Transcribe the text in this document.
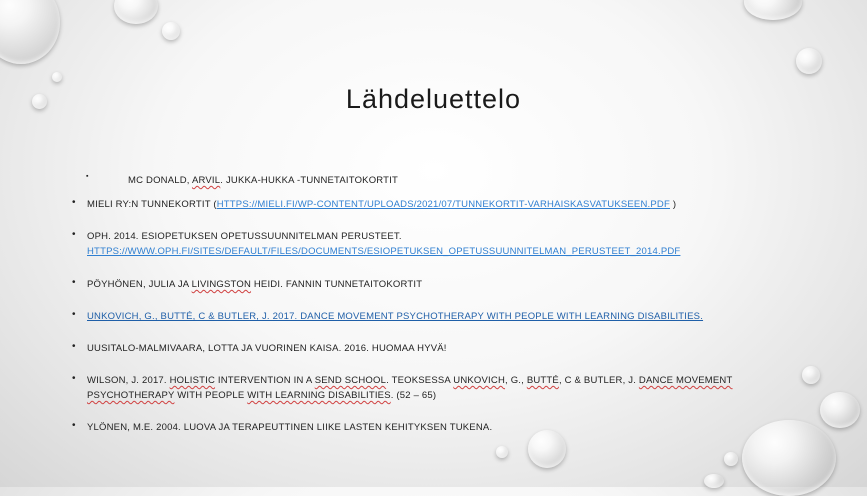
Lähdeluettelo
▪	MC DONALD, ARVIL. JUKKA-HUKKA -TUNNETAITOKORTIT
• MIELI RY:N TUNNEKORTIT (HTTPS://MIELI.FI/WP-CONTENT/UPLOADS/2021/07/TUNNEKORTIT-VARHAISKASVATUKSEEN.PDF )
• OPH. 2014. ESIOPETUKSEN OPETUSSUUNNITELMAN PERUSTEET.
HTTPS://WWW.OPH.FI/SITES/DEFAULT/FILES/DOCUMENTS/ESIOPETUKSEN_OPETUSSUUNNITELMAN_PERUSTEET_2014.PDF
• PÖYHÖNEN, JULIA JA LIVINGSTON HEIDI. FANNIN TUNNETAITOKORTIT
• UNKOVICH, G., BUTTÉ, C & BUTLER, J. 2017. DANCE MOVEMENT PSYCHOTHERAPY WITH PEOPLE WITH LEARNING DISABILITIES.
• UUSITALO-MALMIVAARA, LOTTA JA VUORINEN KAISA. 2016. HUOMAA HYVÄ!
• WILSON, J. 2017. HOLISTIC INTERVENTION IN A SEND SCHOOL. TEOKSESSA UNKOVICH, G., BUTTÉ, C & BUTLER, J. DANCE MOVEMENT
PSYCHOTHERAPY WITH PEOPLE WITH LEARNING DISABILITIES. (52 – 65)
• YLÖNEN, M.E. 2004. LUOVA JA TERAPEUTTINEN LIIKE LASTEN KEHITYKSEN TUKENA.
